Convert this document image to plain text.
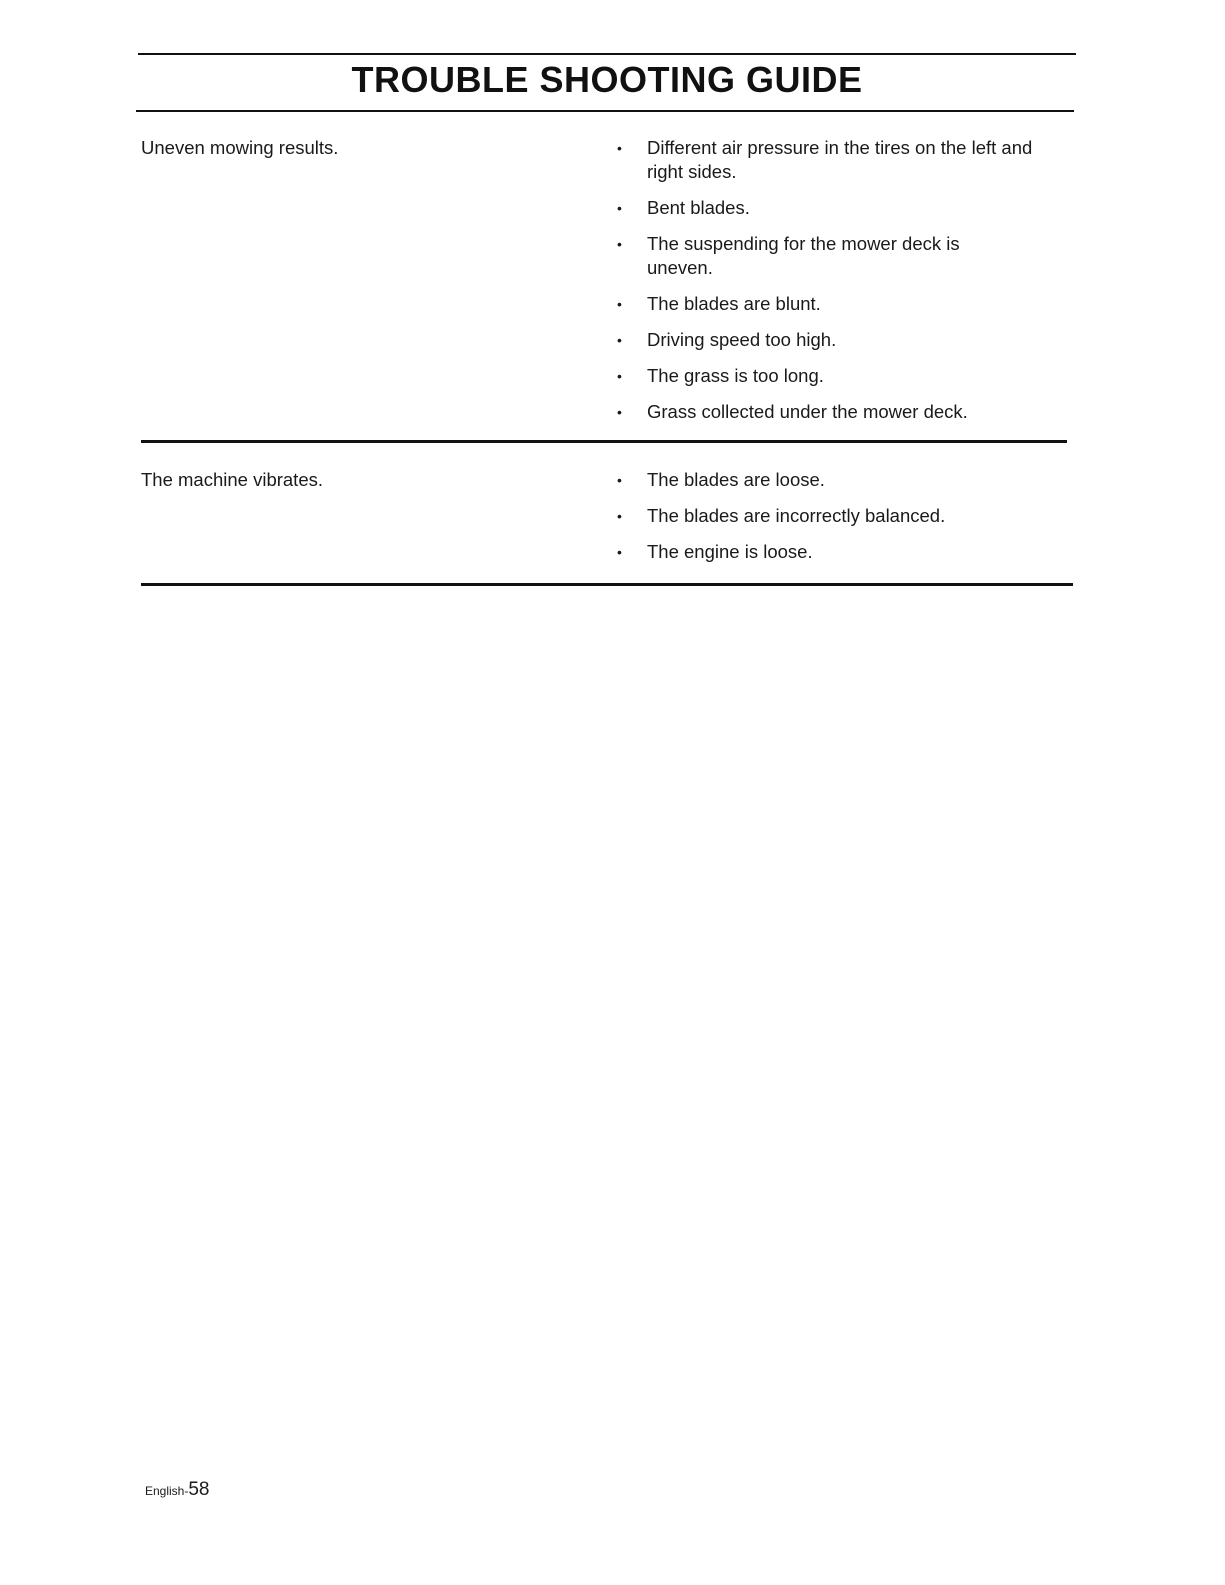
TROUBLE SHOOTING GUIDE
Uneven mowing results.	• Different air pressure in the tires on the left and right sides.
• Bent blades.
• The suspending for the mower deck is uneven.
• The blades are blunt.
• Driving speed too high.
• The grass is too long.
• Grass collected under the mower deck.
The machine vibrates.	• The blades are loose.
• The blades are incorrectly balanced.
• The engine is loose.
English-58
